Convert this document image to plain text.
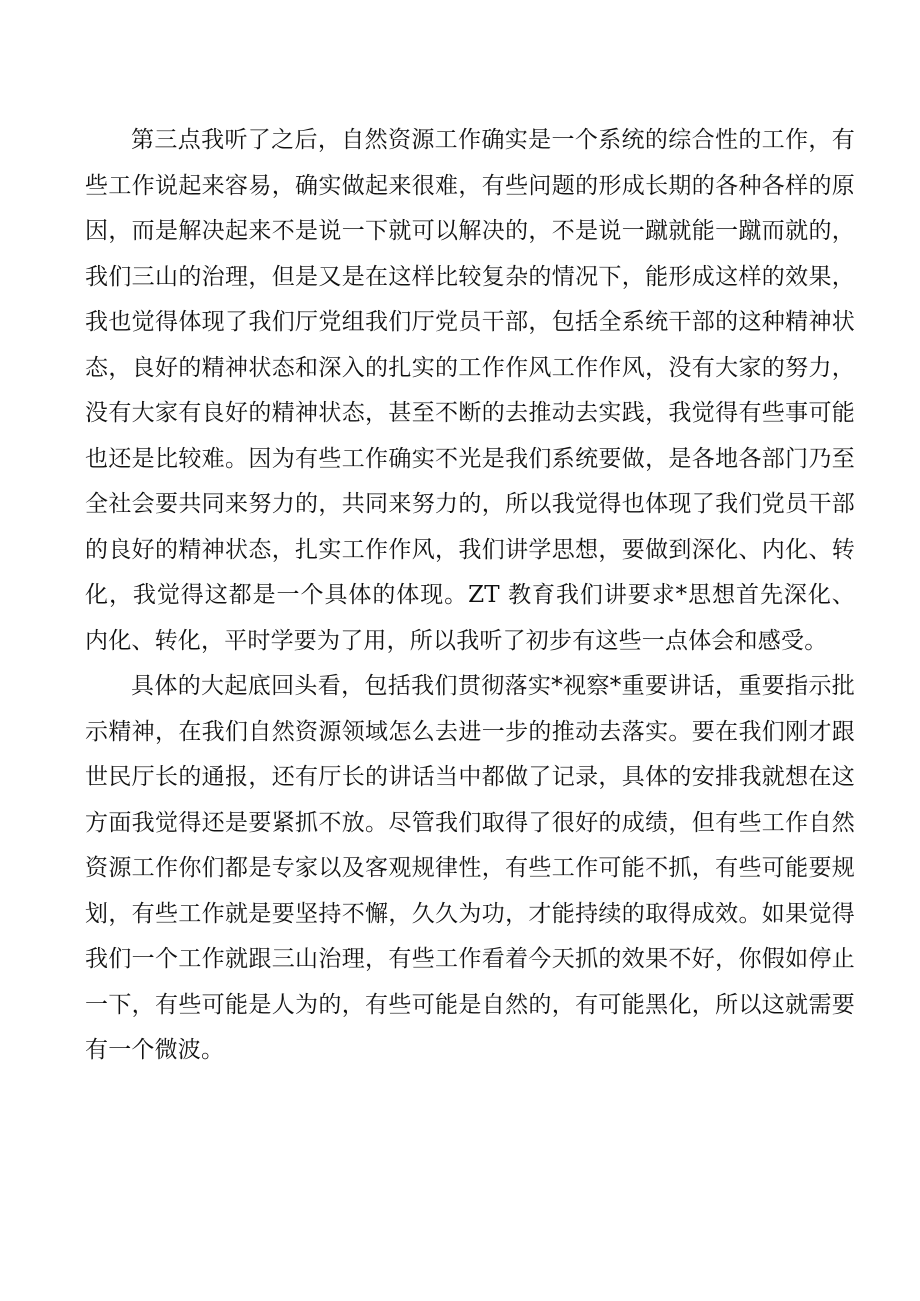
第三点我听了之后，自然资源工作确实是一个系统的综合性的工作，有些工作说起来容易，确实做起来很难，有些问题的形成长期的各种各样的原因，而是解决起来不是说一下就可以解决的，不是说一蹴就能一蹴而就的，我们三山的治理，但是又是在这样比较复杂的情况下，能形成这样的效果，我也觉得体现了我们厅党组我们厅党员干部，包括全系统干部的这种精神状态，良好的精神状态和深入的扎实的工作作风工作作风，没有大家的努力，没有大家有良好的精神状态，甚至不断的去推动去实践，我觉得有些事可能也还是比较难。因为有些工作确实不光是我们系统要做，是各地各部门乃至全社会要共同来努力的，共同来努力的，所以我觉得也体现了我们党员干部的良好的精神状态，扎实工作作风，我们讲学思想，要做到深化、内化、转化，我觉得这都是一个具体的体现。ZT 教育我们讲要求*思想首先深化、内化、转化，平时学要为了用，所以我听了初步有这些一点体会和感受。

具体的大起底回头看，包括我们贯彻落实*视察*重要讲话，重要指示批示精神，在我们自然资源领域怎么去进一步的推动去落实。要在我们刚才跟世民厅长的通报，还有厅长的讲话当中都做了记录，具体的安排我就想在这方面我觉得还是要紧抓不放。尽管我们取得了很好的成绩，但有些工作自然资源工作你们都是专家以及客观规律性，有些工作可能不抓，有些可能要规划，有些工作就是要坚持不懈，久久为功，才能持续的取得成效。如果觉得我们一个工作就跟三山治理，有些工作看着今天抓的效果不好，你假如停止一下，有些可能是人为的，有些可能是自然的，有可能黑化，所以这就需要有一个微波。
